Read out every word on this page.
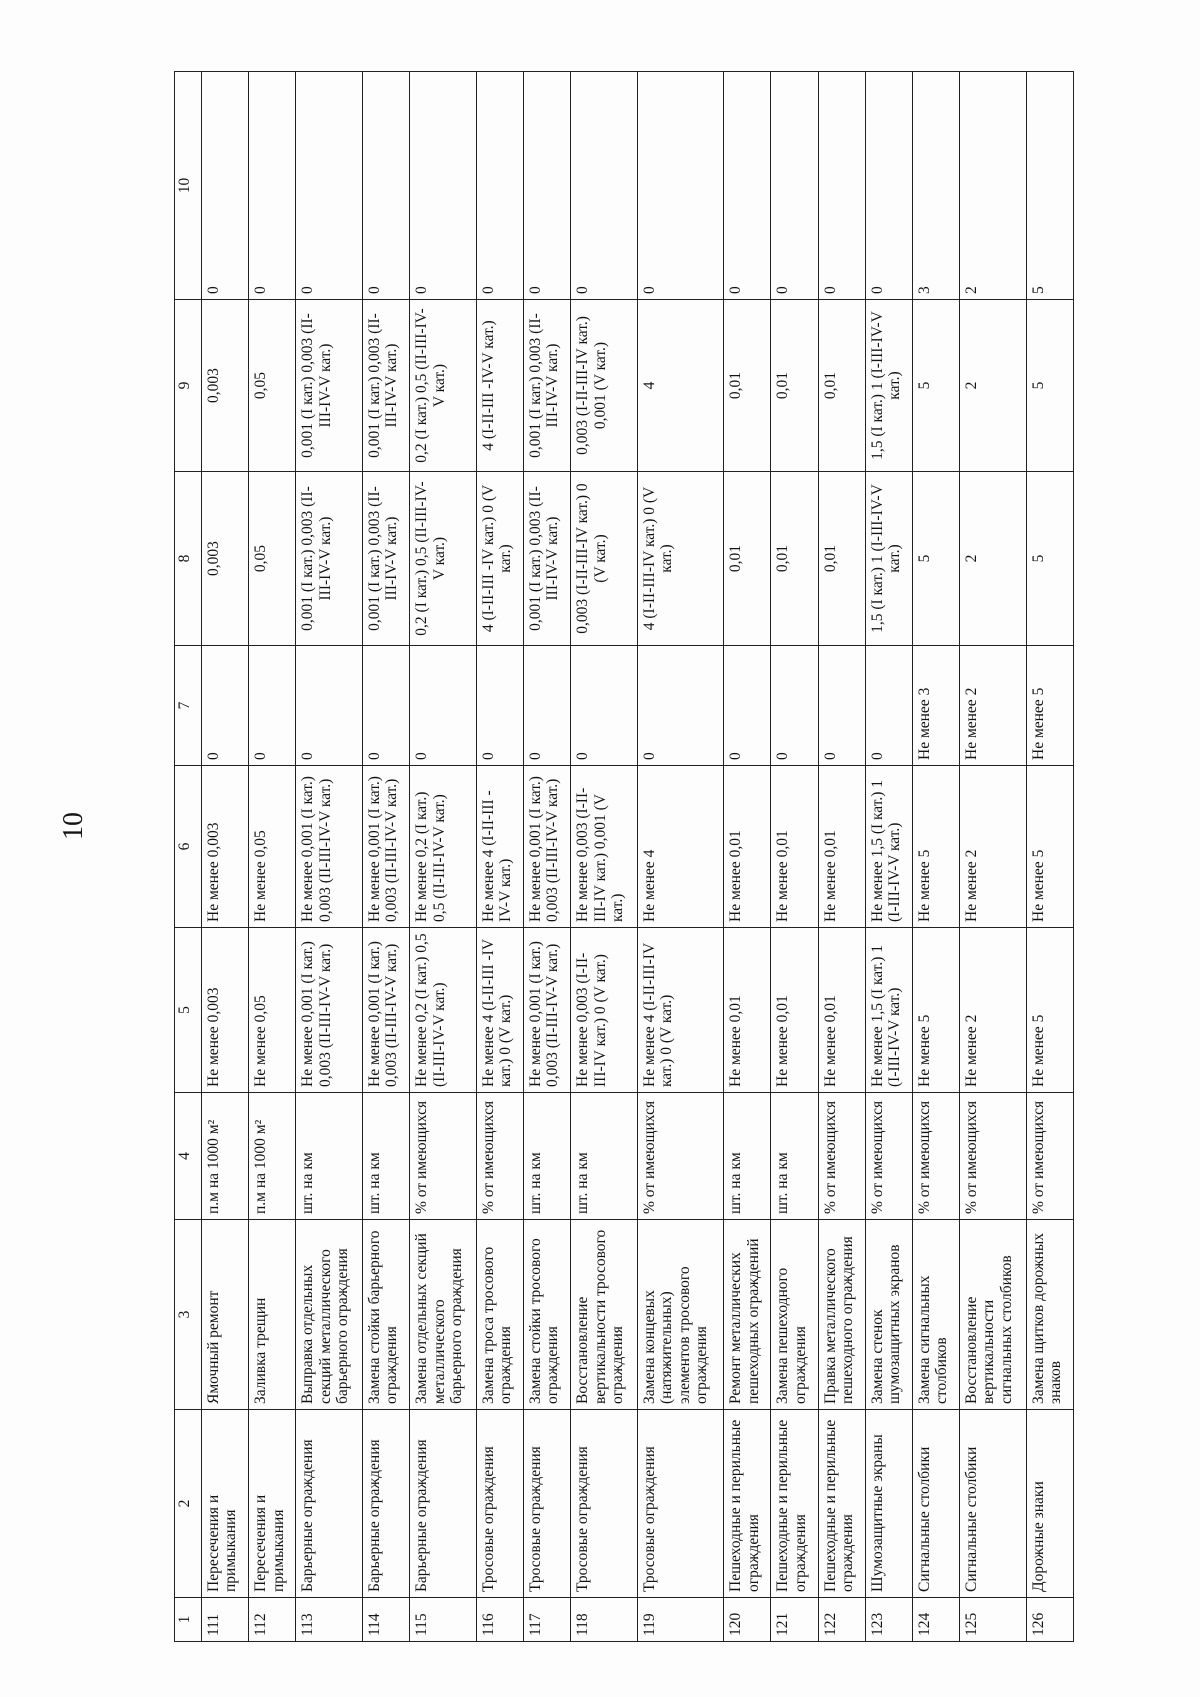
10
1	2	3	4	5	6	7	8	9	10
111	Пересечения и примыкания	Ямочный ремонт	п.м на 1000 м²	Не менее 0,003	Не менее 0,003	0	0,003	0,003	0
112	Пересечения и примыкания	Заливка трещин	п.м на 1000 м²	Не менее 0,05	Не менее 0,05	0	0,05	0,05	0
113	Барьерные ограждения	Выправка отдельных секций металлического барьерного ограждения	шт. на км	Не менее 0,001 (I кат.) 0,003 (II-III-IV-V кат.)	Не менее 0,001 (I кат.) 0,003 (II-III-IV-V кат.)	0	0,001 (I кат.) 0,003 (II-III-IV-V кат.)	0,001 (I кат.) 0,003 (II-III-IV-V кат.)	0
114	Барьерные ограждения	Замена стойки барьерного ограждения	шт. на км	Не менее 0,001 (I кат.) 0,003 (II-III-IV-V кат.)	Не менее 0,001 (I кат.) 0,003 (II-III-IV-V кат.)	0	0,001 (I кат.) 0,003 (II-III-IV-V кат.)	0,001 (I кат.) 0,003 (II-III-IV-V кат.)	0
115	Барьерные ограждения	Замена отдельных секций металлического барьерного ограждения	% от имеющихся	Не менее 0,2 (I кат.) 0,5 (II-III-IV-V кат.)	Не менее 0,2 (I кат.) 0,5 (II-III-IV-V кат.)	0	0,2 (I кат.) 0,5 (II-III-IV-V кат.)	0,2 (I кат.) 0,5 (II-III-IV-V кат.)	0
116	Тросовые ограждения	Замена троса тросового ограждения	% от имеющихся	Не менее 4 (I-II-III -IV кат.) 0 (V кат.)	Не менее 4 (I-II-III -IV-V кат.)	0	4 (I-II-III -IV кат.) 0 (V кат.)	4 (I-II-III -IV-V кат.)	0
117	Тросовые ограждения	Замена стойки тросового ограждения	шт. на км	Не менее 0,001 (I кат.) 0,003 (II-III-IV-V кат.)	Не менее 0,001 (I кат.) 0,003 (II-III-IV-V кат.)	0	0,001 (I кат.) 0,003 (II-III-IV-V кат.)	0,001 (I кат.) 0,003 (II-III-IV-V кат.)	0
118	Тросовые ограждения	Восстановление вертикальности тросового ограждения	шт. на км	Не менее 0,003 (I-II-III-IV кат.) 0 (V кат.)	Не менее 0,003 (I-II-III-IV кат.) 0,001 (V кат.)	0	0,003 (I-II-III-IV кат.) 0 (V кат.)	0,003 (I-II-III-IV кат.) 0,001 (V кат.)	0
119	Тросовые ограждения	Замена концевых (натяжительных) элементов тросового ограждения	% от имеющихся	Не менее 4 (I-II-III-IV кат.) 0 (V кат.)	Не менее 4	0	4 (I-II-III-IV кат.) 0 (V кат.)	4	0
120	Пешеходные и перильные ограждения	Ремонт металлических пешеходных ограждений	шт. на км	Не менее 0,01	Не менее 0,01	0	0,01	0,01	0
121	Пешеходные и перильные ограждения	Замена пешеходного ограждения	шт. на км	Не менее 0,01	Не менее 0,01	0	0,01	0,01	0
122	Пешеходные и перильные ограждения	Правка металлического пешеходного ограждения	% от имеющихся	Не менее 0,01	Не менее 0,01	0	0,01	0,01	0
123	Шумозащитные экраны	Замена стенок шумозащитных экранов	% от имеющихся	Не менее 1,5 (I кат.) 1 (I-III-IV-V кат.)	Не менее 1,5 (I кат.) 1 (I-III-IV-V кат.)	0	1,5 (I кат.) 1 (I-III-IV-V кат.)	1,5 (I кат.) 1 (I-III-IV-V кат.)	0
124	Сигнальные столбики	Замена сигнальных столбиков	% от имеющихся	Не менее 5	Не менее 5	Не менее 3	5	5	3
125	Сигнальные столбики	Восстановление вертикальности сигнальных столбиков	% от имеющихся	Не менее 2	Не менее 2	Не менее 2	2	2	2
126	Дорожные знаки	Замена щитков дорожных знаков	% от имеющихся	Не менее 5	Не менее 5	Не менее 5	5	5	5
